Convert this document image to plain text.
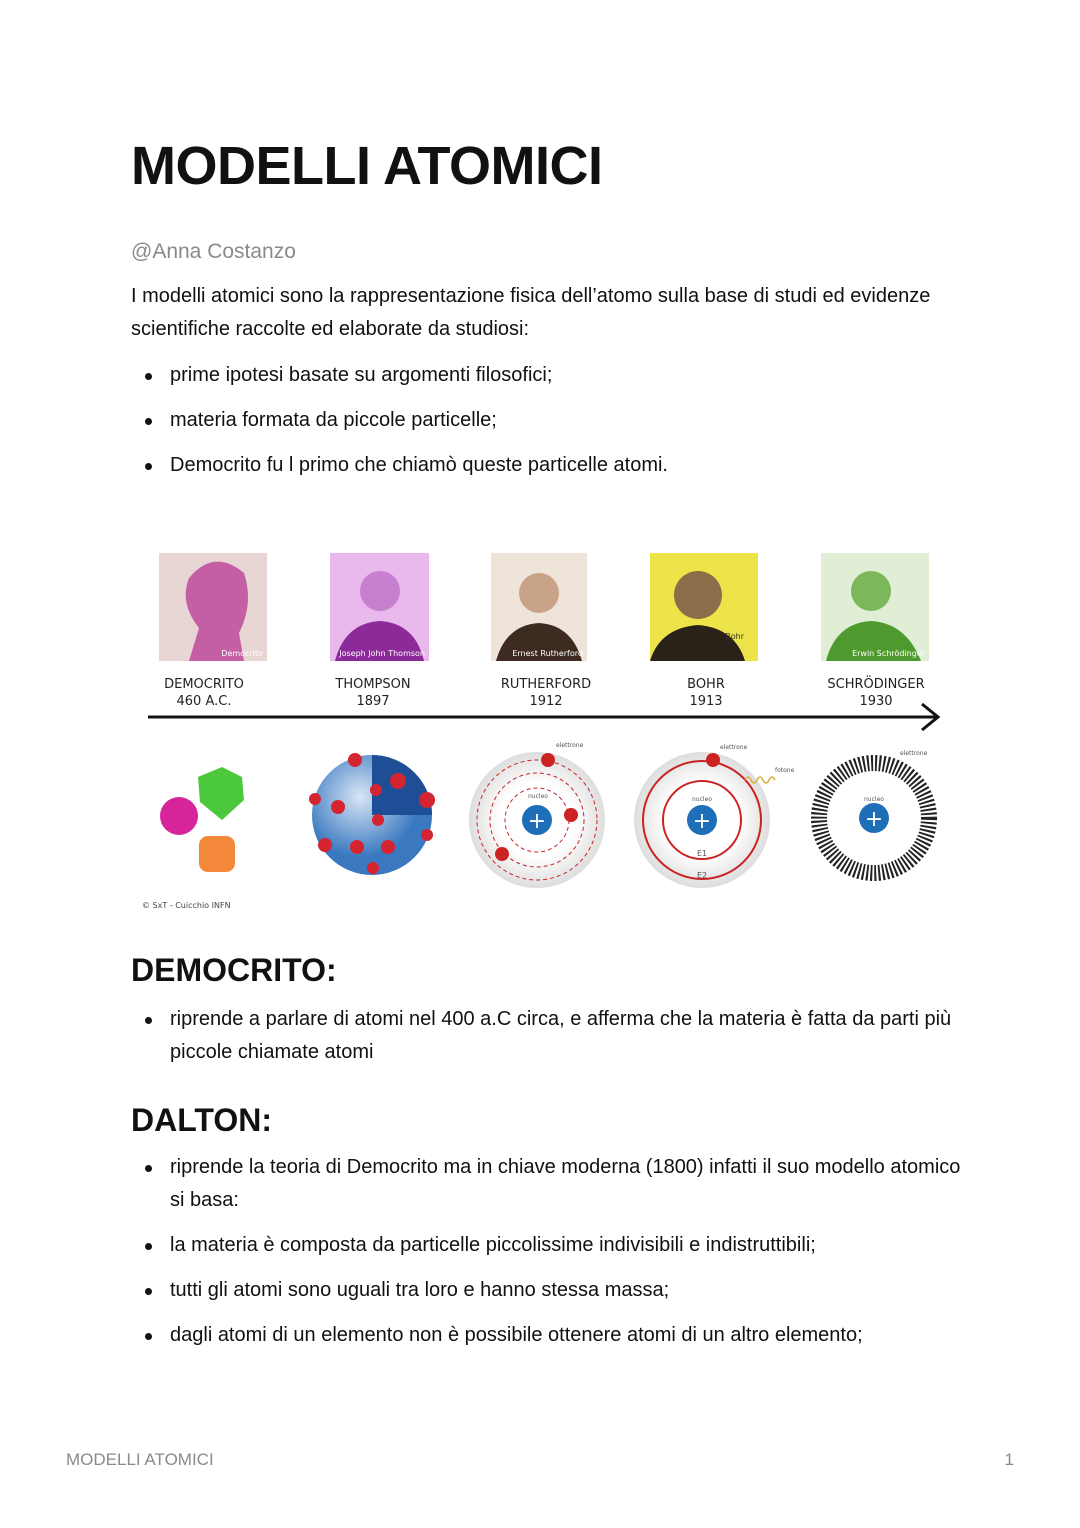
MODELLI ATOMICI
@Anna Costanzo
I modelli atomici sono la rappresentazione fisica dell’atomo sulla base di studi ed evidenze scientifiche raccolte ed elaborate da studiosi:
prime ipotesi basate su argomenti filosofici;
materia formata da piccole particelle;
Democrito fu l primo che chiamò queste particelle atomi.
Democrito	Joseph John Thomson	Ernest Rutherford
Bohr
Erwin Schrödinger
DEMOCRITO
460 A.C.
THOMPSON
1897
RUTHERFORD
1912
BOHR
1913
SCHRÖDINGER
1930
+	+	+
elettrone
nucleo
elettrone
nucleo
fotone
E1
E2
elettrone
nucleo
© SxT - Cuicchio INFN
DEMOCRITO:
riprende a parlare di atomi nel 400 a.C circa, e afferma che la materia è fatta da parti più piccole chiamate atomi
DALTON:
riprende la teoria di Democrito ma in chiave moderna (1800) infatti il suo modello atomico si basa:
la materia è composta da particelle piccolissime indivisibili e indistruttibili;
tutti gli atomi sono uguali tra loro e hanno stessa massa;
dagli atomi di un elemento non è possibile ottenere atomi di un altro elemento;
MODELLI ATOMICI	1
